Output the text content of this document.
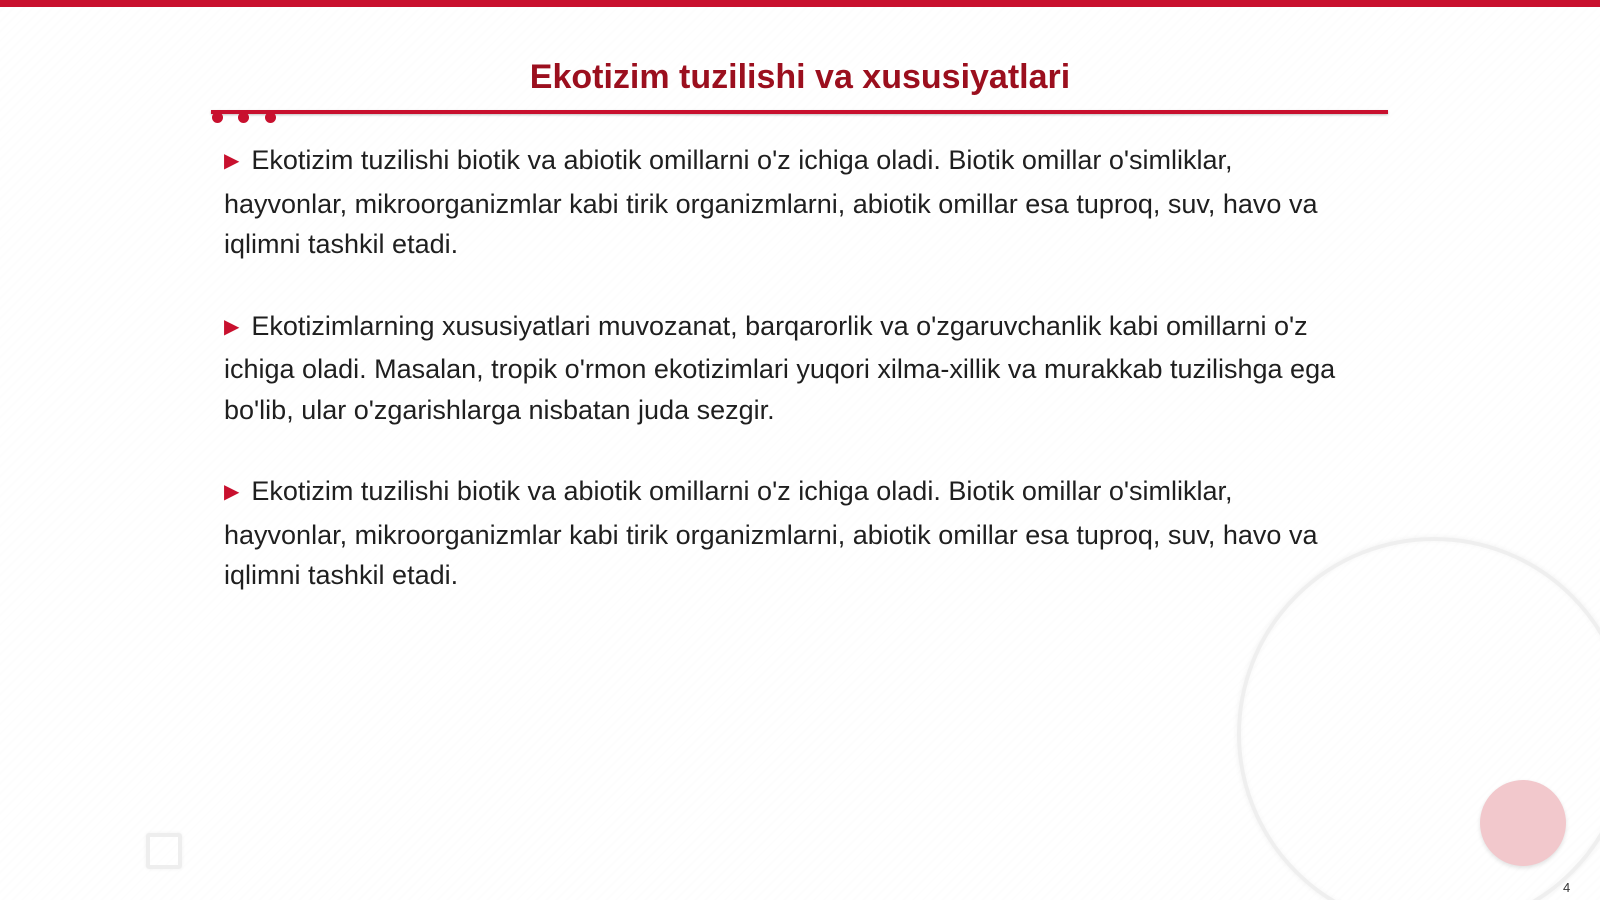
Ekotizim tuzilishi va xususiyatlari

▶ Ekotizim tuzilishi biotik va abiotik omillarni o'z ichiga oladi. Biotik omillar o'simliklar, hayvonlar, mikroorganizmlar kabi tirik organizmlarni, abiotik omillar esa tuproq, suv, havo va iqlimni tashkil etadi.

▶ Ekotizimlarning xususiyatlari muvozanat, barqarorlik va o'zgaruvchanlik kabi omillarni o'z ichiga oladi. Masalan, tropik o'rmon ekotizimlari yuqori xilma-xillik va murakkab tuzilishga ega bo'lib, ular o'zgarishlarga nisbatan juda sezgir.

▶ Ekotizim tuzilishi biotik va abiotik omillarni o'z ichiga oladi. Biotik omillar o'simliklar, hayvonlar, mikroorganizmlar kabi tirik organizmlarni, abiotik omillar esa tuproq, suv, havo va iqlimni tashkil etadi.

4
